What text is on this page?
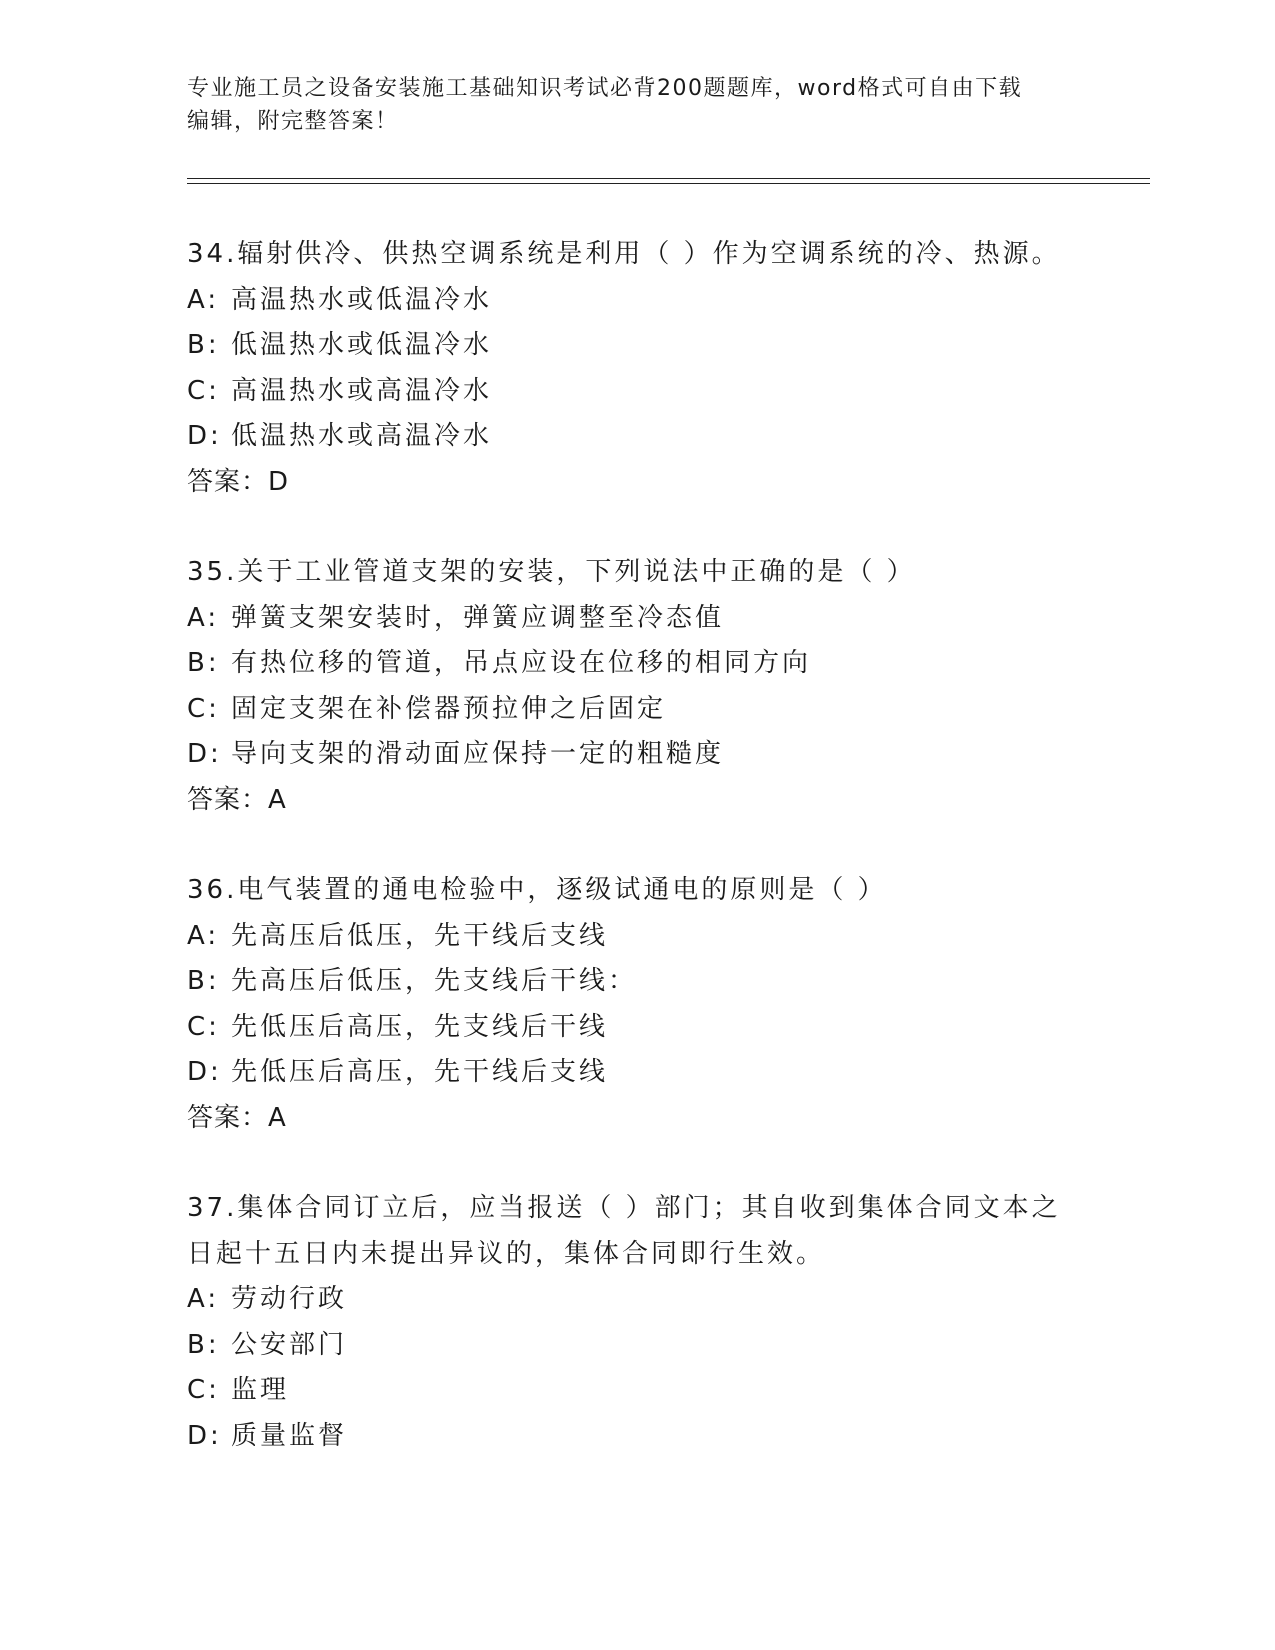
专业施工员之设备安装施工基础知识考试必背200题题库，word格式可自由下载
编辑，附完整答案！
34.辐射供冷、供热空调系统是利用（ ）作为空调系统的冷、热源。
A: 高温热水或低温冷水
B: 低温热水或低温冷水
C: 高温热水或高温冷水
D: 低温热水或高温冷水
答案：D
35.关于工业管道支架的安装，下列说法中正确的是（ ）
A: 弹簧支架安装时，弹簧应调整至冷态值
B: 有热位移的管道，吊点应设在位移的相同方向
C: 固定支架在补偿器预拉伸之后固定
D: 导向支架的滑动面应保持一定的粗糙度
答案：A
36.电气装置的通电检验中，逐级试通电的原则是（ ）
A: 先高压后低压，先干线后支线
B: 先高压后低压，先支线后干线：
C: 先低压后高压，先支线后干线
D: 先低压后高压，先干线后支线
答案：A
37.集体合同订立后，应当报送（ ）部门；其自收到集体合同文本之
日起十五日内未提出异议的，集体合同即行生效。
A: 劳动行政
B: 公安部门
C: 监理
D: 质量监督
